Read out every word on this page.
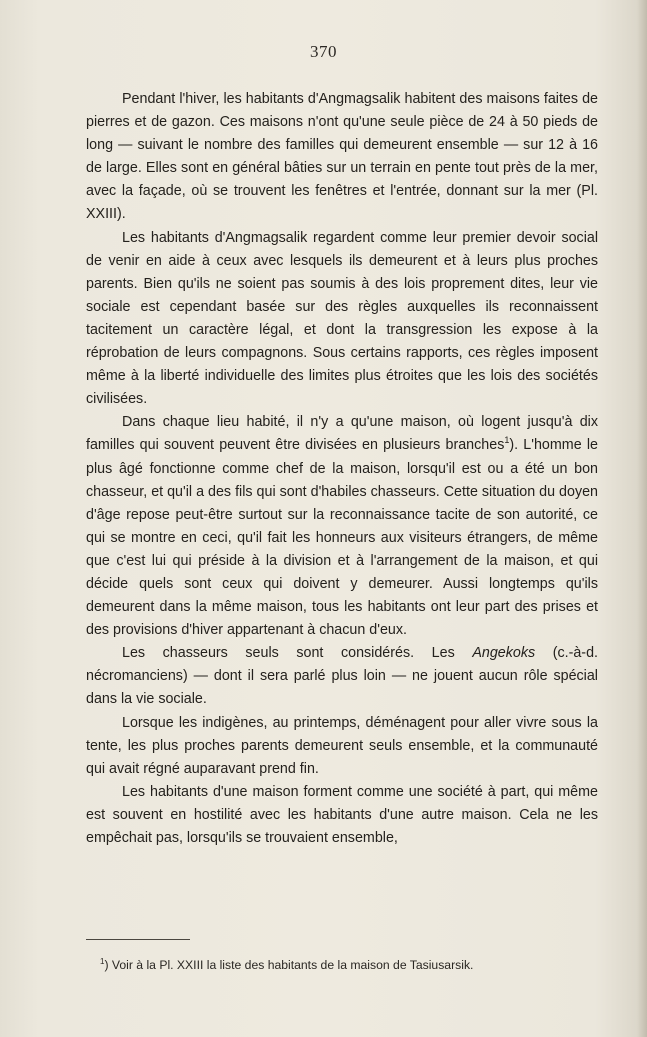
370

Pendant l'hiver, les habitants d'Angmagsalik habitent des maisons faites de pierres et de gazon. Ces maisons n'ont qu'une seule pièce de 24 à 50 pieds de long — suivant le nombre des familles qui demeurent ensemble — sur 12 à 16 de large. Elles sont en général bâties sur un terrain en pente tout près de la mer, avec la façade, où se trouvent les fenêtres et l'entrée, donnant sur la mer (Pl. XXIII).

Les habitants d'Angmagsalik regardent comme leur premier devoir social de venir en aide à ceux avec lesquels ils demeurent et à leurs plus proches parents. Bien qu'ils ne soient pas soumis à des lois proprement dites, leur vie sociale est cependant basée sur des règles auxquelles ils reconnaissent tacitement un caractère légal, et dont la transgression les expose à la réprobation de leurs compagnons. Sous certains rapports, ces règles imposent même à la liberté individuelle des limites plus étroites que les lois des sociétés civilisées.

Dans chaque lieu habité, il n'y a qu'une maison, où logent jusqu'à dix familles qui souvent peuvent être divisées en plusieurs branches$^1$). L'homme le plus âgé fonctionne comme chef de la maison, lorsqu'il est ou a été un bon chasseur, et qu'il a des fils qui sont d'habiles chasseurs. Cette situation du doyen d'âge repose peut-être surtout sur la reconnaissance tacite de son autorité, ce qui se montre en ceci, qu'il fait les honneurs aux visiteurs étrangers, de même que c'est lui qui préside à la division et à l'arrangement de la maison, et qui décide quels sont ceux qui doivent y demeurer. Aussi longtemps qu'ils demeurent dans la même maison, tous les habitants ont leur part des prises et des provisions d'hiver appartenant à chacun d'eux.

Les chasseurs seuls sont considérés. Les Angekoks (c.-à-d. nécromanciens) — dont il sera parlé plus loin — ne jouent aucun rôle spécial dans la vie sociale.

Lorsque les indigènes, au printemps, déménagent pour aller vivre sous la tente, les plus proches parents demeurent seuls ensemble, et la communauté qui avait régné auparavant prend fin.

Les habitants d'une maison forment comme une société à part, qui même est souvent en hostilité avec les habitants d'une autre maison. Cela ne les empêchait pas, lorsqu'ils se trouvaient ensemble,

$^1$) Voir à la Pl. XXIII la liste des habitants de la maison de Tasiusarsik.
